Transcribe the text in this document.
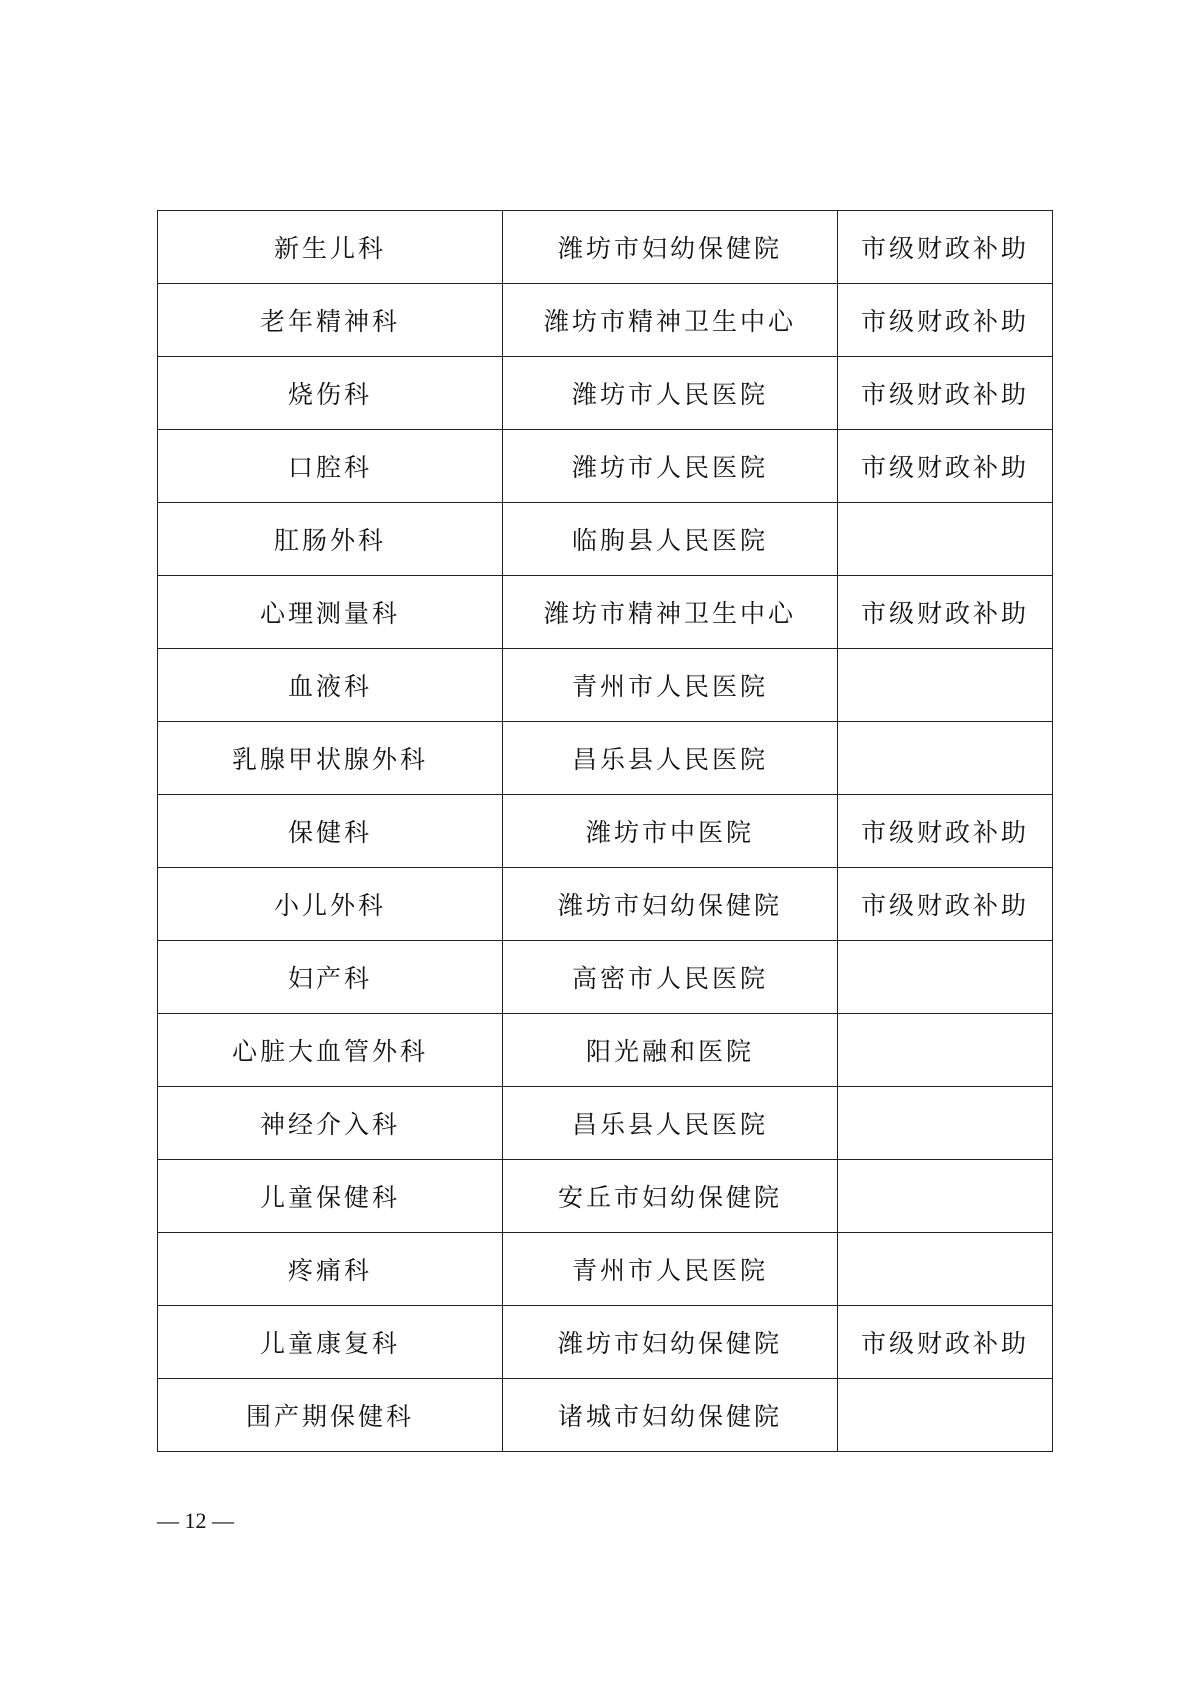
新生儿科	潍坊市妇幼保健院	市级财政补助
老年精神科	潍坊市精神卫生中心	市级财政补助
烧伤科	潍坊市人民医院	市级财政补助
口腔科	潍坊市人民医院	市级财政补助
肛肠外科	临朐县人民医院	
心理测量科	潍坊市精神卫生中心	市级财政补助
血液科	青州市人民医院	
乳腺甲状腺外科	昌乐县人民医院	
保健科	潍坊市中医院	市级财政补助
小儿外科	潍坊市妇幼保健院	市级财政补助
妇产科	高密市人民医院	
心脏大血管外科	阳光融和医院	
神经介入科	昌乐县人民医院	
儿童保健科	安丘市妇幼保健院	
疼痛科	青州市人民医院	
儿童康复科	潍坊市妇幼保健院	市级财政补助
围产期保健科	诸城市妇幼保健院	
— 12 —
